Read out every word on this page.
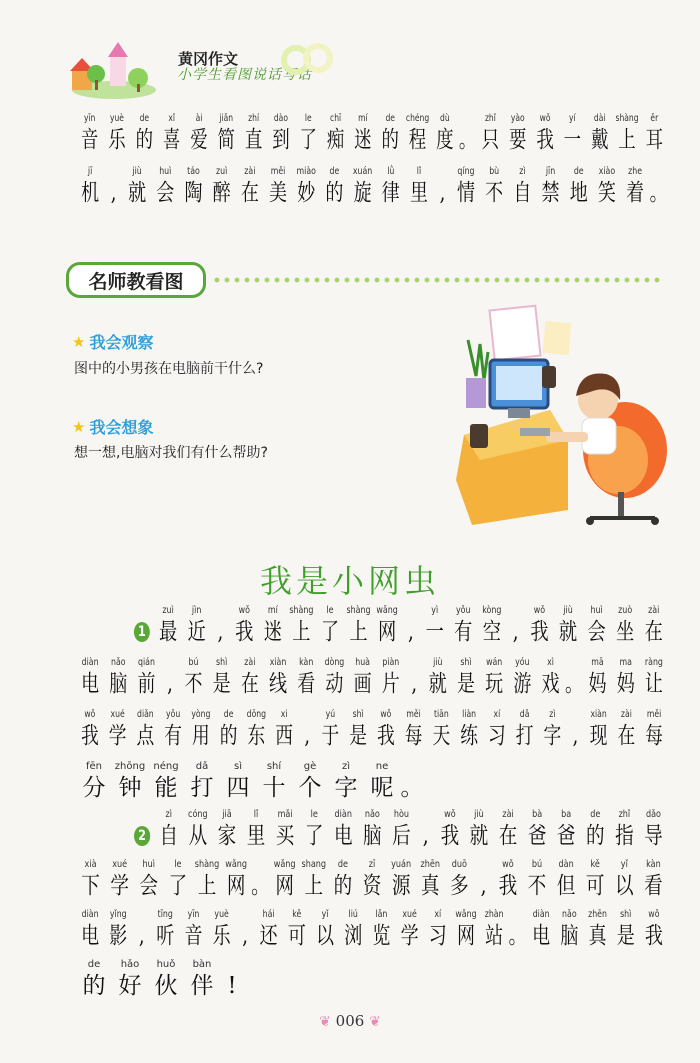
黄冈作文
小学生看图说话写话
yīn
音
yuè
乐
de
的
xǐ
喜
ài
爱
jiǎn
简
zhí
直
dào
到
le
了
chī
痴
mí
迷
de
的
chéng
程
dù
度 。
zhǐ
只
yào
要
wǒ
我
yí
一
dài
戴
shàng
上
ěr
耳
jī
机 ,
jiù
就
huì
会
táo
陶
zuì
醉
zài
在
měi
美
miào
妙
de
的
xuán
旋
lǜ
律
lǐ
里 ,
qíng
情
bù
不
zì
自
jīn
禁
de
地
xiào
笑
zhe
着 。
名师教看图
★ 我会观察
图中的小男孩在电脑前干什么?
★ 我会想象
想一想,电脑对我们有什么帮助?
我是小网虫
1
zuì
最
jìn
近 ,
wǒ
我
mí
迷
shàng
上
le
了
shàng
上
wǎng
网 ,
yì
一
yǒu
有
kòng
空 ,
wǒ
我
jiù
就
huì
会
zuò
坐
zài
在
diàn
电
nǎo
脑
qián
前 ,
bú
不
shì
是
zài
在
xiàn
线
kàn
看
dòng
动
huà
画
piàn
片 ,
jiù
就
shì
是
wán
玩
yóu
游
xì
戏 。
mā
妈
ma
妈
ràng
让
wǒ
我
xué
学
diǎn
点
yǒu
有
yòng
用
de
的
dōng
东
xi
西 ,
yú
于
shì
是
wǒ
我
měi
每
tiān
天
liàn
练
xí
习
dǎ
打
zì
字 ,
xiàn
现
zài
在
měi
每
fēn
分
zhōng
钟
néng
能
dǎ
打
sì
四
shí
十
gè
个
zì
字
ne
呢 。
2
zì
自
cóng
从
jiā
家
lǐ
里
mǎi
买
le
了
diàn
电
nǎo
脑
hòu
后 ,
wǒ
我
jiù
就
zài
在
bà
爸
ba
爸
de
的
zhǐ
指
dǎo
导
xià
下
xué
学
huì
会
le
了
shàng
上
wǎng
网 。
wǎng
网
shang
上
de
的
zī
资
yuán
源
zhēn
真
duō
多 ,
wǒ
我
bú
不
dàn
但
kě
可
yǐ
以
kàn
看
diàn
电
yǐng
影 ,
tīng
听
yīn
音
yuè
乐 ,
hái
还
kě
可
yǐ
以
liú
浏
lǎn
览
xué
学
xí
习
wǎng
网
zhàn
站 。
diàn
电
nǎo
脑
zhēn
真
shì
是
wǒ
我
de
的
hǎo
好
huǒ
伙
bàn
伴 !
❦ 006 ❦
